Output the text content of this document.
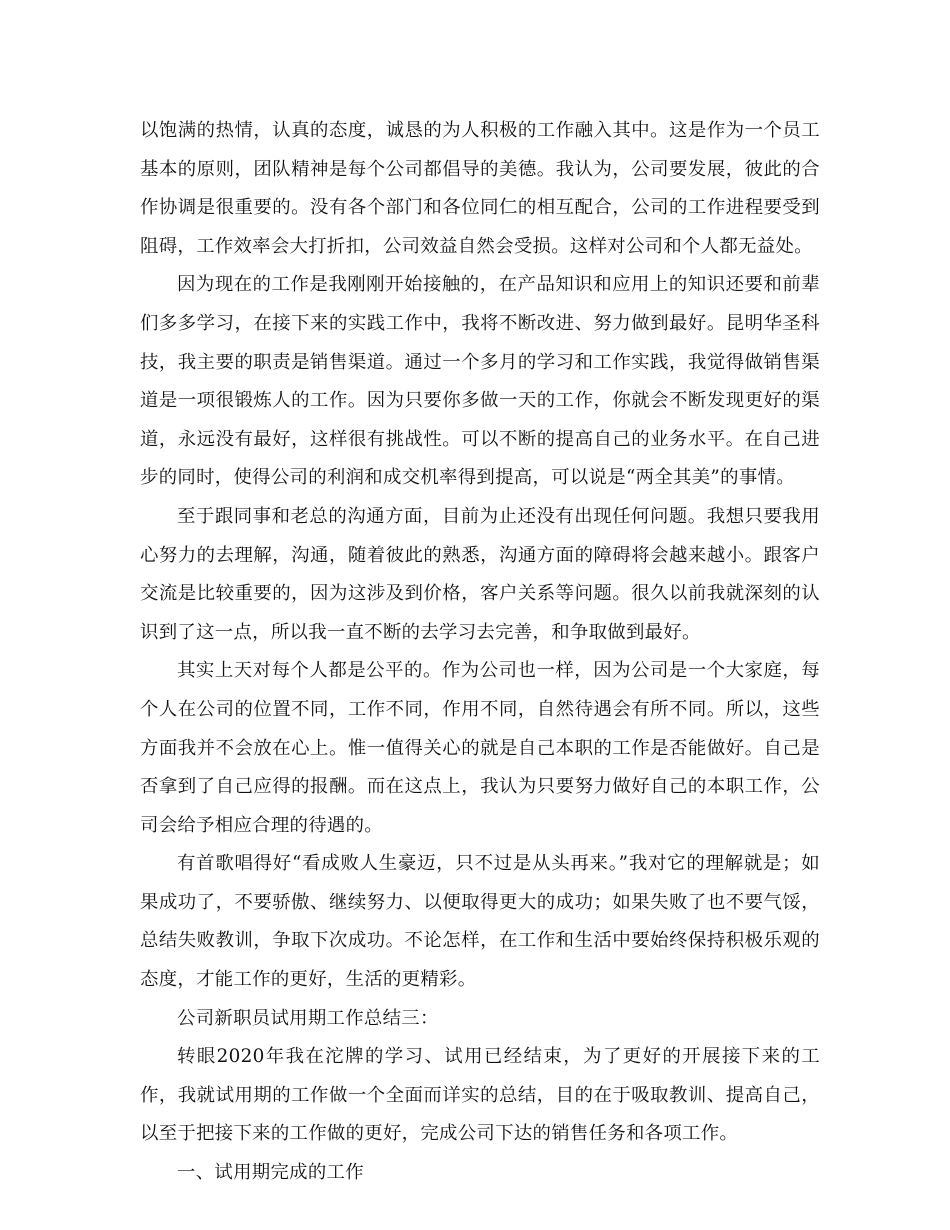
以饱满的热情，认真的态度，诚恳的为人积极的工作融入其中。这是作为一个员工基本的原则，团队精神是每个公司都倡导的美德。我认为，公司要发展，彼此的合作协调是很重要的。没有各个部门和各位同仁的相互配合，公司的工作进程要受到阻碍，工作效率会大打折扣，公司效益自然会受损。这样对公司和个人都无益处。

因为现在的工作是我刚刚开始接触的，在产品知识和应用上的知识还要和前辈们多多学习，在接下来的实践工作中，我将不断改进、努力做到最好。昆明华圣科技，我主要的职责是销售渠道。通过一个多月的学习和工作实践，我觉得做销售渠道是一项很锻炼人的工作。因为只要你多做一天的工作，你就会不断发现更好的渠道，永远没有最好，这样很有挑战性。可以不断的提高自己的业务水平。在自己进步的同时，使得公司的利润和成交机率得到提高，可以说是“两全其美”的事情。

至于跟同事和老总的沟通方面，目前为止还没有出现任何问题。我想只要我用心努力的去理解，沟通，随着彼此的熟悉，沟通方面的障碍将会越来越小。跟客户交流是比较重要的，因为这涉及到价格，客户关系等问题。很久以前我就深刻的认识到了这一点，所以我一直不断的去学习去完善，和争取做到最好。

其实上天对每个人都是公平的。作为公司也一样，因为公司是一个大家庭，每个人在公司的位置不同，工作不同，作用不同，自然待遇会有所不同。所以，这些方面我并不会放在心上。惟一值得关心的就是自己本职的工作是否能做好。自己是否拿到了自己应得的报酬。而在这点上，我认为只要努力做好自己的本职工作，公司会给予相应合理的待遇的。

有首歌唱得好“看成败人生豪迈，只不过是从头再来。”我对它的理解就是；如果成功了，不要骄傲、继续努力、以便取得更大的成功；如果失败了也不要气馁，总结失败教训，争取下次成功。不论怎样，在工作和生活中要始终保持积极乐观的态度，才能工作的更好，生活的更精彩。

公司新职员试用期工作总结三：

转眼2020年我在沱牌的学习、试用已经结束，为了更好的开展接下来的工作，我就试用期的工作做一个全面而详实的总结，目的在于吸取教训、提高自己，以至于把接下来的工作做的更好，完成公司下达的销售任务和各项工作。

一、试用期完成的工作
